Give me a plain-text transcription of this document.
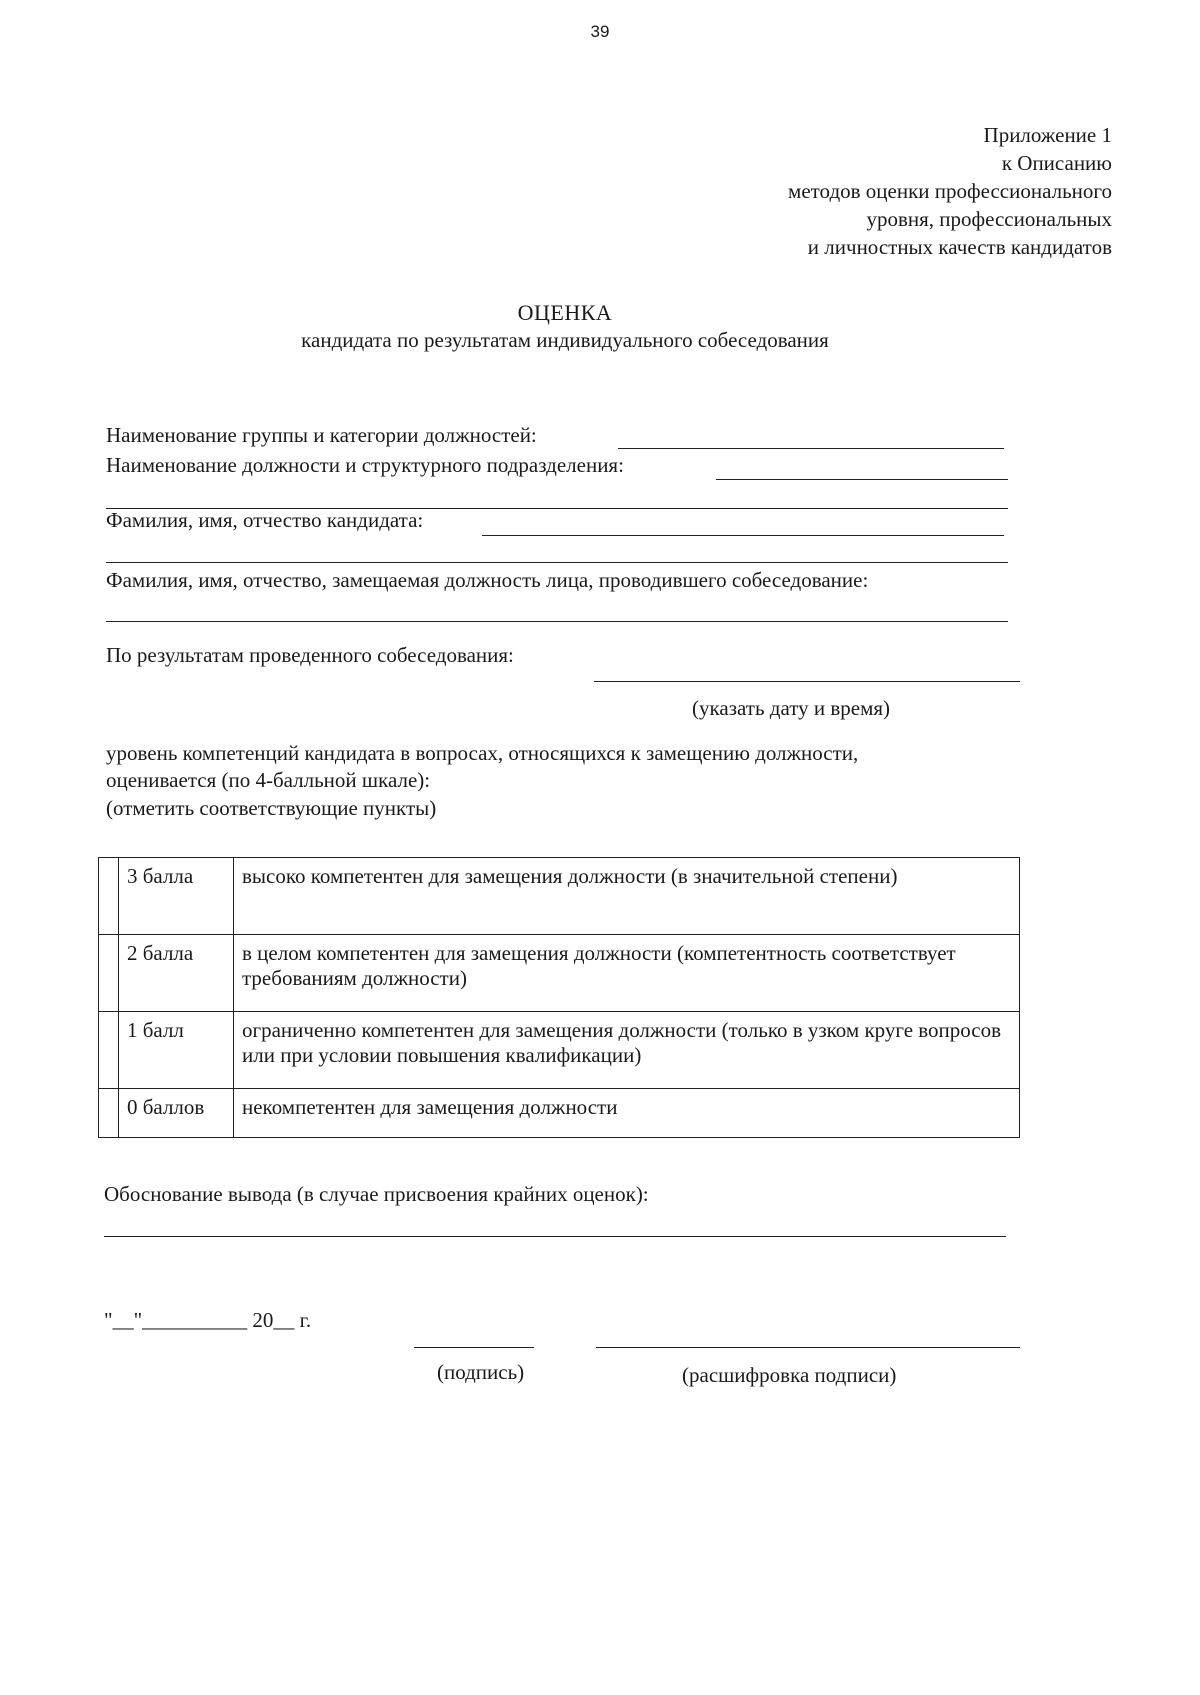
39
Приложение 1
к Описанию
методов оценки профессионального
уровня, профессиональных
и личностных качеств кандидатов
ОЦЕНКА
кандидата по результатам индивидуального собеседования
Наименование группы и категории должностей:
Наименование должности и структурного подразделения:
Фамилия, имя, отчество кандидата:
Фамилия, имя, отчество, замещаемая должность лица, проводившего собеседование:
По результатам проведенного собеседования:
(указать дату и время)
уровень компетенций кандидата в вопросах, относящихся к замещению должности,
оценивается (по 4-балльной шкале):
(отметить соответствующие пункты)
	3 балла	высоко компетентен для замещения должности (в значительной степени)
	2 балла	в целом компетентен для замещения должности (компетентность соответствует требованиям должности)
	1 балл	ограниченно компетентен для замещения должности (только в узком круге вопросов или при условии повышения квалификации)
	0 баллов	некомпетентен для замещения должности
Обоснование вывода (в случае присвоения крайних оценок):
"__"__________ 20__ г.
(подпись)	(расшифровка подписи)
